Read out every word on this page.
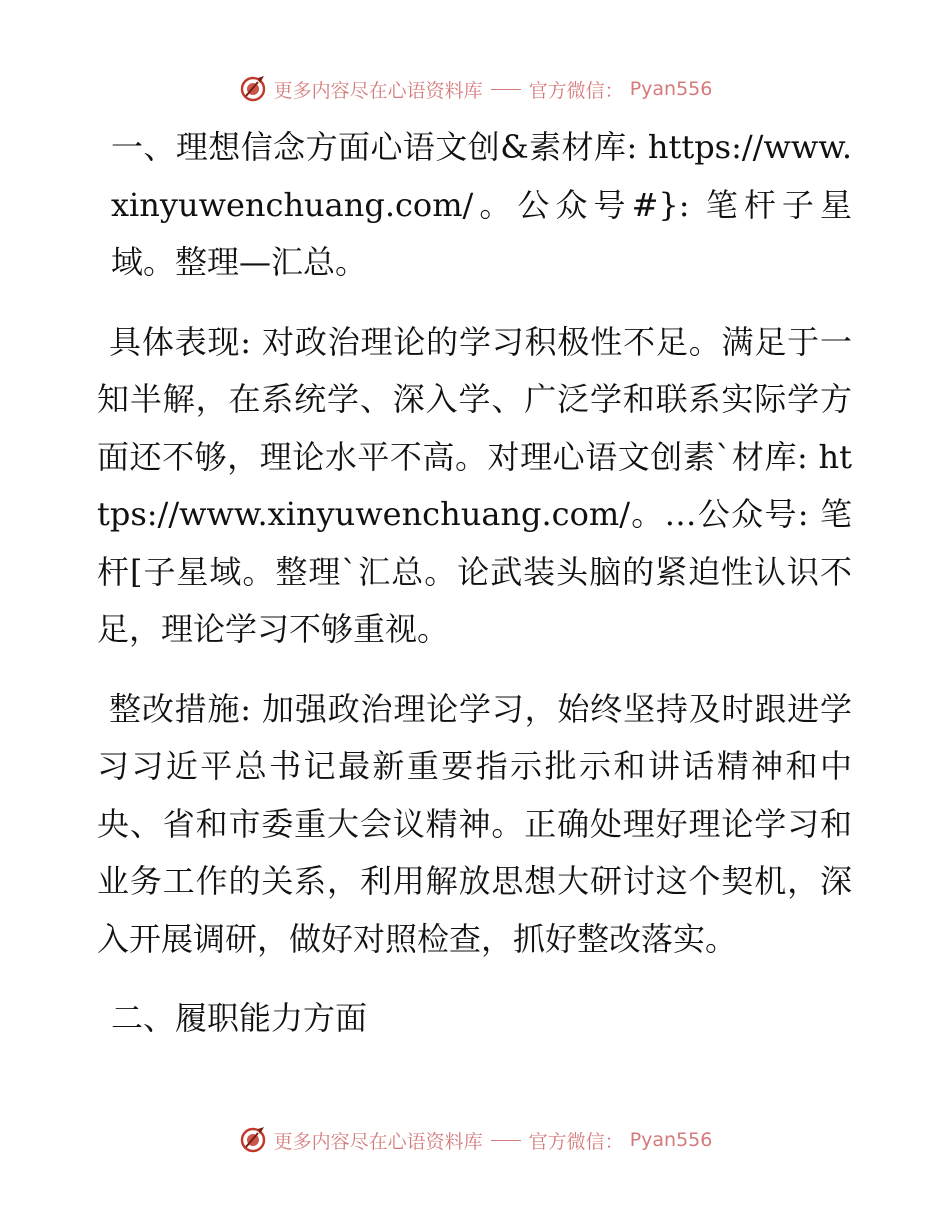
更多内容尽在心语资料库 官方微信： Pyan556

一、理想信念方面心语文创&素材库: https://www.xinyuwenchuang.com/。公众号#}: 笔杆子星域。整理—汇总。

具体表现: 对政治理论的学习积极性不足。满足于一知半解，在系统学、深入学、广泛学和联系实际学方面还不够，理论水平不高。对理心语文创素`材库: https://www.xinyuwenchuang.com/。…公众号: 笔杆[子星域。整理`汇总。论武装头脑的紧迫性认识不足，理论学习不够重视。

整改措施: 加强政治理论学习，始终坚持及时跟进学习习近平总书记最新重要指示批示和讲话精神和中央、省和市委重大会议精神。正确处理好理论学习和业务工作的关系，利用解放思想大研讨这个契机，深入开展调研，做好对照检查，抓好整改落实。

二、履职能力方面

更多内容尽在心语资料库 官方微信： Pyan556
